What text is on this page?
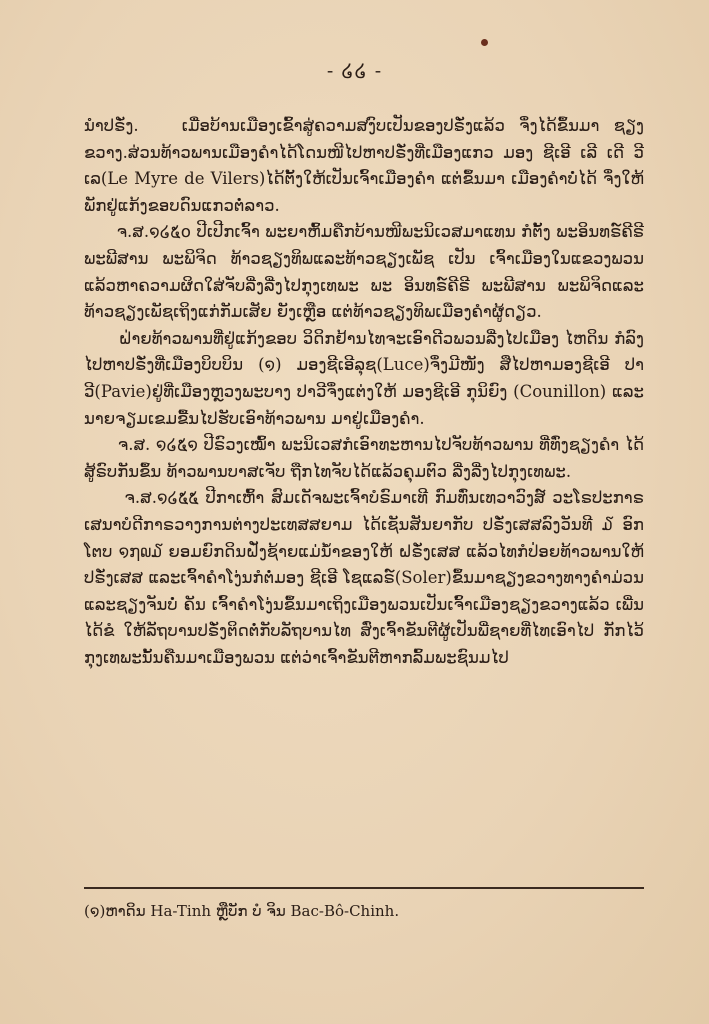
- ໒໒ -

ນໍາປຣັ່ງ.   ເມື່ອບ້ານເມືອງເຂົ້າສູ່ຄວາມສງົບເປັນຂອງປຣັ່ງແລ້ວ ຈຶ່ງໄດ້ຂຶ້ນມາ ຊຽງຂວາງ.ສ່ວນທ້າວພານເມືອງຄໍາໄດ້ໂດນໜີໄປຫາປຣັ່ງທີ່ເມືອງແກວ ມອງ ຊີເອີ ເລີ ເດີ ວີເລ(Le Myre de Vilers)ໄດ້ຕັ້ງໃຫ້ເປັນເຈົ້າເມືອງຄໍາ ແຕ່ຂຶ້ນມາ ເມືອງຄໍາບໍ່ໄດ້ ຈຶ່ງໃຫ້ພັກຢູ່ແກ້ງຂອບດົນແກວຕໍ່ລາວ.

ຈ.ສ.໑໒໕໐ ປີເປີກເຈົ້າ ພະຍາຫົ້ມຄືກບ້ານໜີພະນິເວສມາແທນ ກໍຕັ້ງ ພະອິນທຣ໌ຄີຣີ ພະພີສານ ພະພິຈິດ ທ້າວຊຽງທິພແລະທ້າວຊຽງເພັຊ ເປັນ ເຈົ້າເມືອງໃນແຂວງພວນ ແລ້ວຫາຄວາມຜິດໃສ່ຈັບລີ່ງລີ່ງໄປກຸງເທພະ ພະ ອິນທຣ໌ຄີຣີ ພະພີສານ ພະພິຈິດແລະທ້າວຊຽງເພັຊເຖິງແກ່ກັມເສັຍ ຍັງເຫຼືອ ແຕ່ທ້າວຊຽງທິພເມືອງຄໍາຜູ້ດຽວ.

ຝ່າຍທ້າວພານທີ່ຢູ່ແກ້ງຂອບ ວິດິກຢ້ານໄທຈະເອົາດີວພວນລີ່ງໄປເມືອງ ໄຫດິນ ກໍລົງໄປຫາປຣັ່ງທີ່ເມືອງບິບບິນ (໑) ມອງຊີເອີລຸຊ(Luce)ຈຶ່ງມີໜັງ ສືໄປຫາມອງຊີເອີ ປາວີ(Pavie)ຢູ່ທີ່ເມືອງຫຼວງພະບາງ ປາວີຈຶ່ງແຕ່ງໃຫ້ ມອງຊີເອີ ກຸນິຍົງ (Counillon) ແລະນາຍຈຽມເຂມຂື້ນໄປຮັບເອົາທ້າວພານ ມາຢູ່ເມືອງຄໍາ.

ຈ.ສ. ໑໒໕໑ ປີຣົວງເໝົ້າ ພະນິເວສກໍເອົາທະຫານໄປຈັບທ້າວພານ ທີ່ທົ່ງຊຽງຄໍາ ໄດ້ສູ້ຣົບກັນຂຶ້ນ ທ້າວພານບາສເຈັບ ຖືກໄທຈັບໄດ້ແລ້ວຄຸມຕົວ ລີ່ງລີ່ງໄປກຸງເທພະ.

ຈ.ສ.໑໒໕໕ ປີກາເຫົ້າ ສົມເດັຈພະເຈົ້າບໍຣົມາເທີ ກົມທົ່ນເທວາວົງສ໌ ວະໂຣປະກາຣ ເສນາບໍດີກາຣວາງການຕ່າງປະເທສສຍາມ ໄດ້ເຊັນສັນຍາກັບ ປຣັ່ງເສສລົງວັນທີ ໓ ອົກໂຕບ ໑໗໙໓ ຍອມຍົກດິນຝັ່ງຊ້າຍແມ່ນ້ຳຂອງໃຫ້ ຝຣັ່ງເສສ ແລ້ວໄທກໍປ່ອຍທ້າວພານໃຫ້ປຣັ່ງເສສ ແລະເຈົ້າຄໍາໂງ່ນກໍຕໍ່ມອງ ຊີເອີ ໂຊແລຣ໌(Soler)ຂຶ້ນມາຊຽງຂວາງທາງຄໍາມ່ວນແລະຊຽງຈັນບໍ່ ຄັນ ເຈົ້າຄໍາໂງ່ນຂຶ້ນມາເຖິງເມືອງພວນເປັນເຈົ້າເມືອງຊຽງຂວາງແລ້ວ ເພີ່ນໄດ້ຂໍ ໃຫ້ລັຖບານປຣັ່ງຕິດຕໍ່ກັບລັຖບານໄທ ສົ່ງເຈົ້າຂັນຕີຜູ້ເປັນພີ່ຊາຍທີ່ໄທເອົາໄປ ກັກໄວ້ກຸງເທພະນັ້ນຄືນມາເມືອງພວນ ແຕ່ວ່າເຈົ້າຂັນຕີຫາກລົ້ມພະຊົນມໄປ

(໑)ຫາດິນ Ha-Tinh ຫຼືບັກ ບໍ ຈິນ Bac-Bô-Chinh.
